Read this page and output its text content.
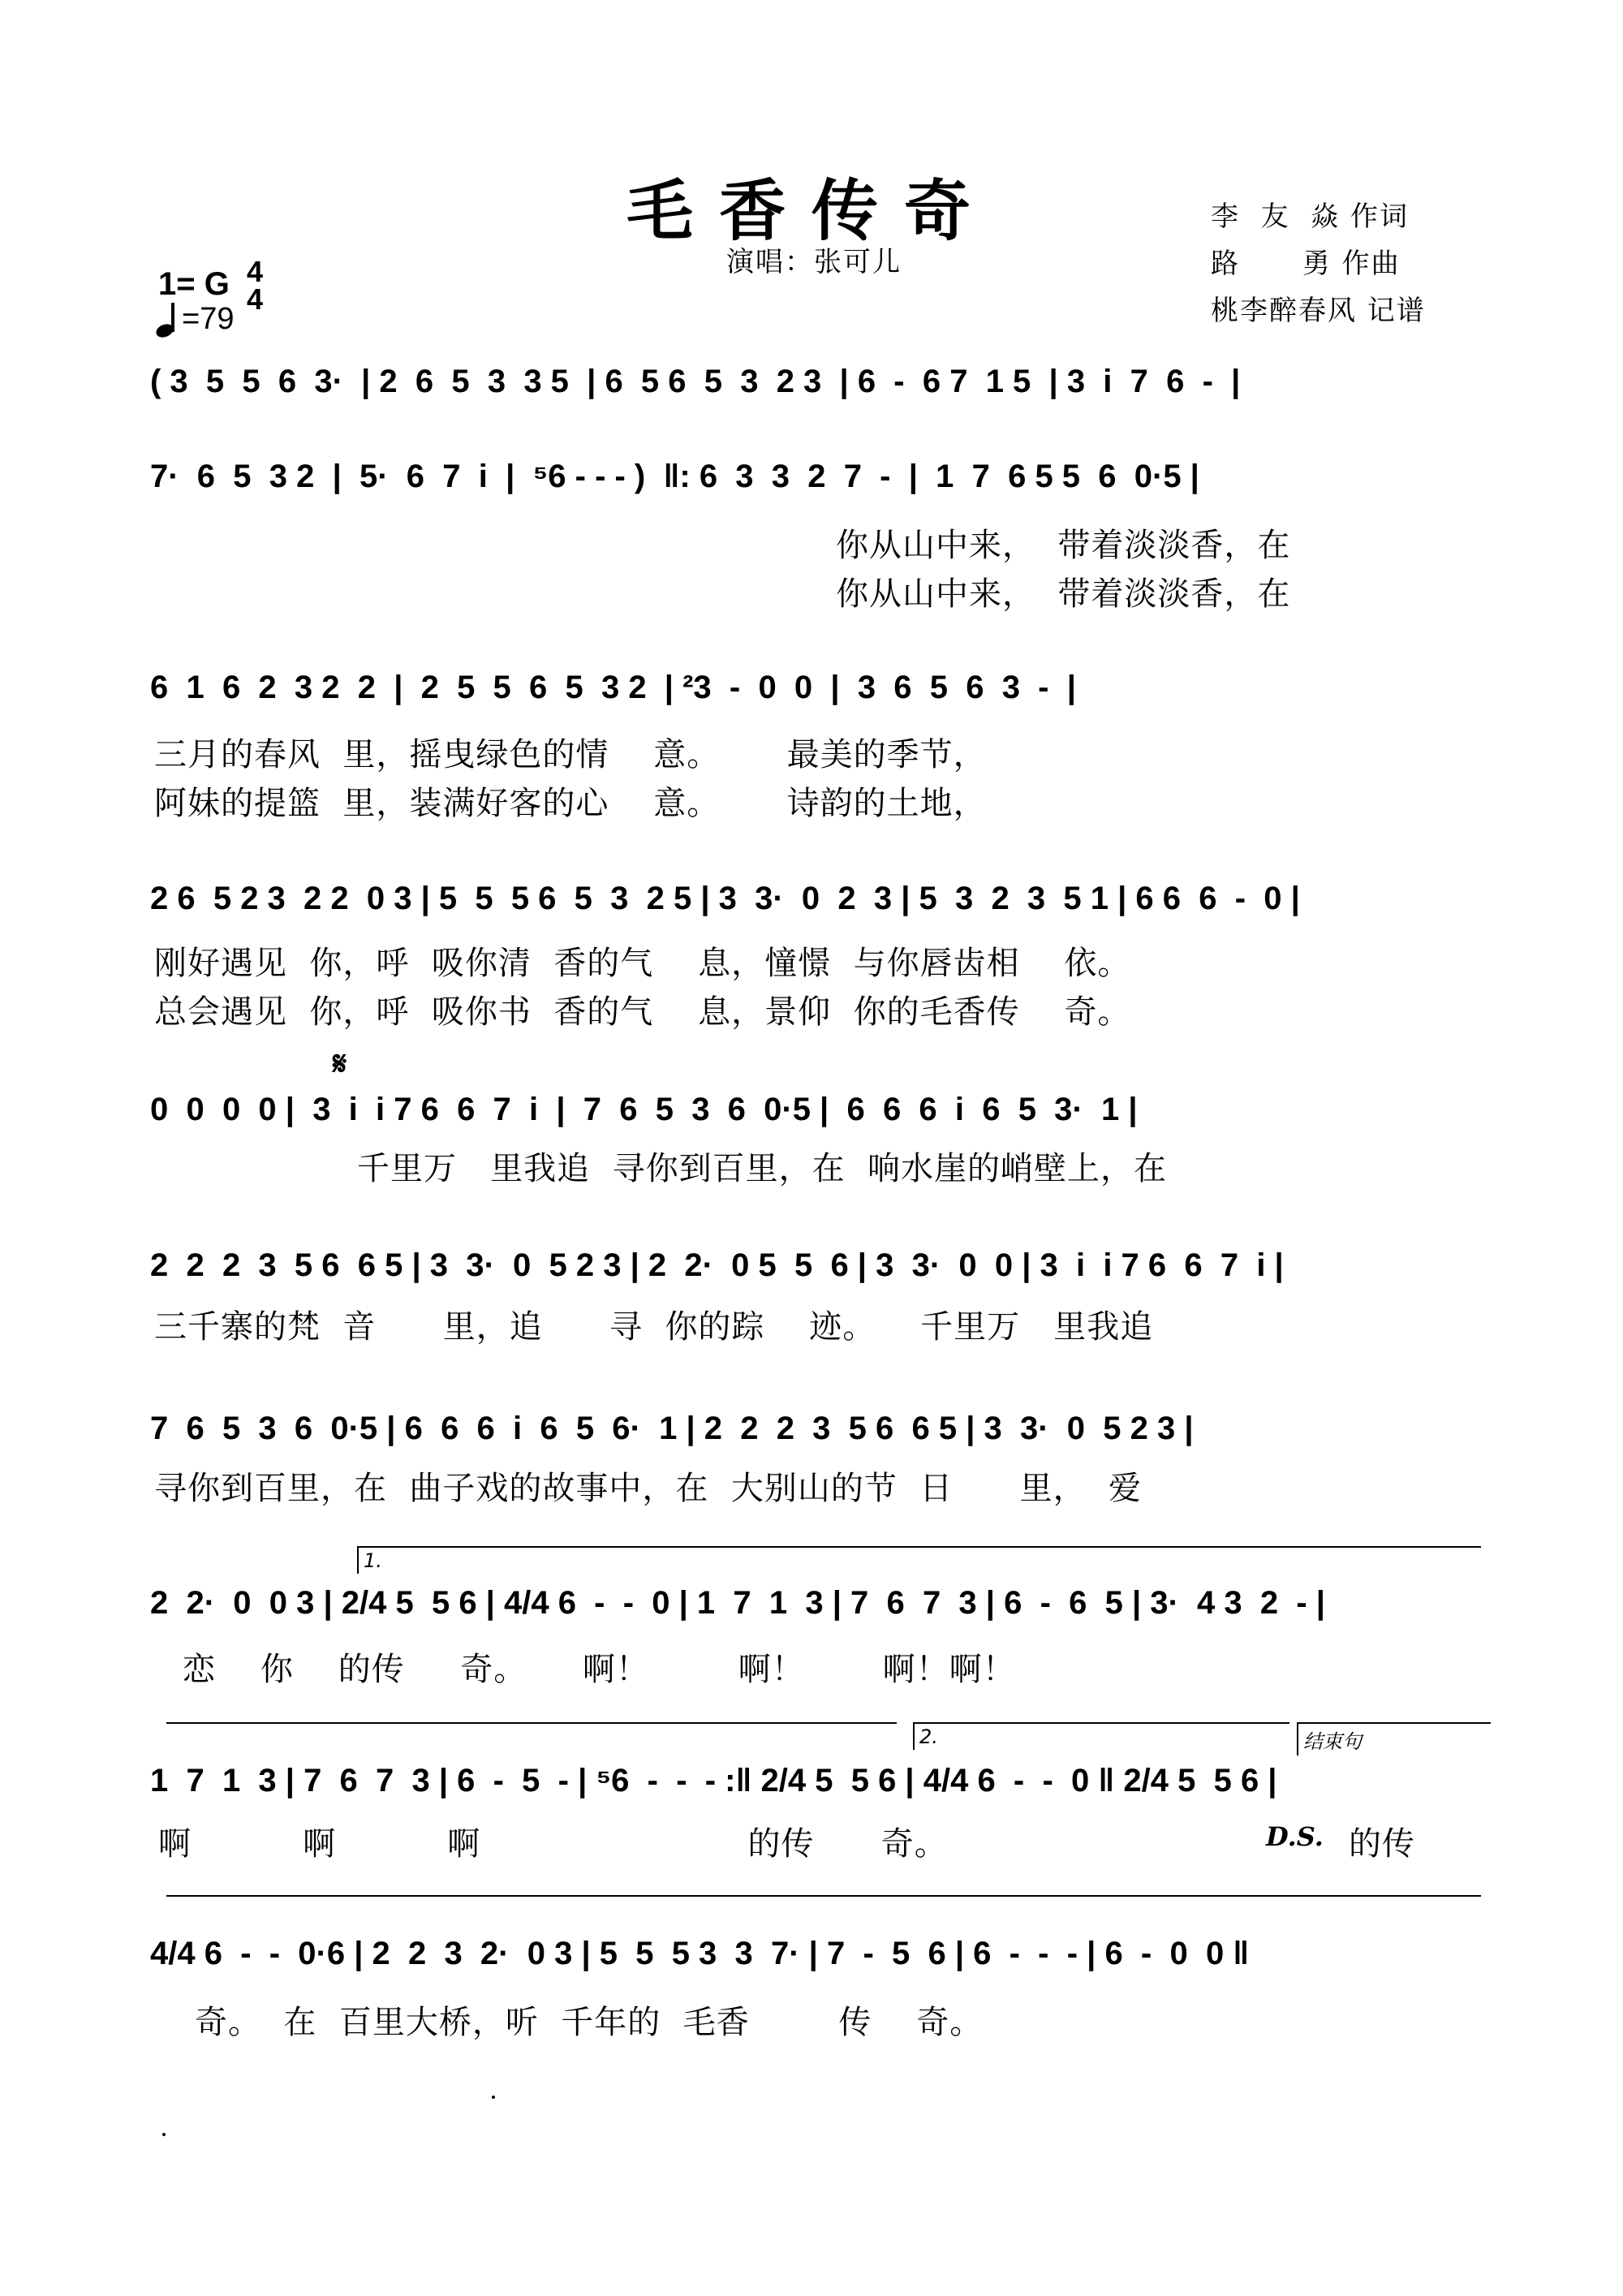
毛香传奇
演唱：张可儿
李  友  焱 作词
路      勇 作曲
桃李醉春风 记谱
1= G 4
4
=79
( 3  5  5  6  3·  | 2  6  5  3  3 5  | 6  5 6  5  3  2 3  | 6  -  6 7  1 5  | 3  i  7  6  -  |
7·  6  5  3 2  |  5·  6  7  i  |  ⁵6 - - - )  ‖: 6  3  3  2  7  -  |  1  7  6 5 5  6  0·5 |
你从山中来，  带着淡淡香，在
你从山中来，  带着淡淡香，在
6  1  6  2  3 2  2  |  2  5  5  6  5  3 2  | ²3  -  0  0  |  3  6  5  6  3  -  |
三月的春风  里，摇曳绿色的情    意。      最美的季节，
阿妹的提篮  里，装满好客的心    意。      诗韵的土地，
2 6  5 2 3  2 2  0 3 | 5  5  5 6  5  3  2 5 | 3  3·  0  2  3 | 5  3  2  3  5 1 | 6 6  6  -  0 |
刚好遇见  你，呼  吸你清  香的气    息，憧憬  与你唇齿相    依。
总会遇见  你，呼  吸你书  香的气    息，景仰  你的毛香传    奇。
𝄋
0  0  0  0 |  3  i  i 7 6  6  7  i  |  7  6  5  3  6  0·5 |  6  6  6  i  6  5  3·  1 |
千里万   里我追  寻你到百里，在  响水崖的峭壁上，在
2  2  2  3  5 6  6 5 | 3  3·  0  5 2 3 | 2  2·  0 5  5  6 | 3  3·  0  0 | 3  i  i 7 6  6  7  i |
三千寨的梵  音      里，追      寻  你的踪    迹。    千里万   里我追
7  6  5  3  6  0·5 | 6  6  6  i  6  5  6·  1 | 2  2  2  3  5 6  6 5 | 3  3·  0  5 2 3 |
寻你到百里，在  曲子戏的故事中，在  大别山的节  日      里，  爱
1.
2  2·  0  0 3 | 2/4 5  5 6 | 4/4 6  -  -  0 | 1  7  1  3 | 7  6  7  3 | 6  -  6  5 | 3·  4 3  2  - |
恋    你    的传     奇。     啊！        啊！       啊！啊！
2.	结束句
1  7  1  3 | 7  6  7  3 | 6  -  5  - | ⁵6  -  -  - :‖ 2/4 5  5 6 | 4/4 6  -  -  0 ‖ 2/4 5  5 6 |
啊          啊          啊                        的传      奇。	D.S. 的传
4/4 6  -  -  0·6 | 2  2  3  2·  0 3 | 5  5  5 3  3  7· | 7  -  5  6 | 6  -  -  - | 6  -  0  0 ‖
奇。  在  百里大桥，听  千年的  毛香        传    奇。
